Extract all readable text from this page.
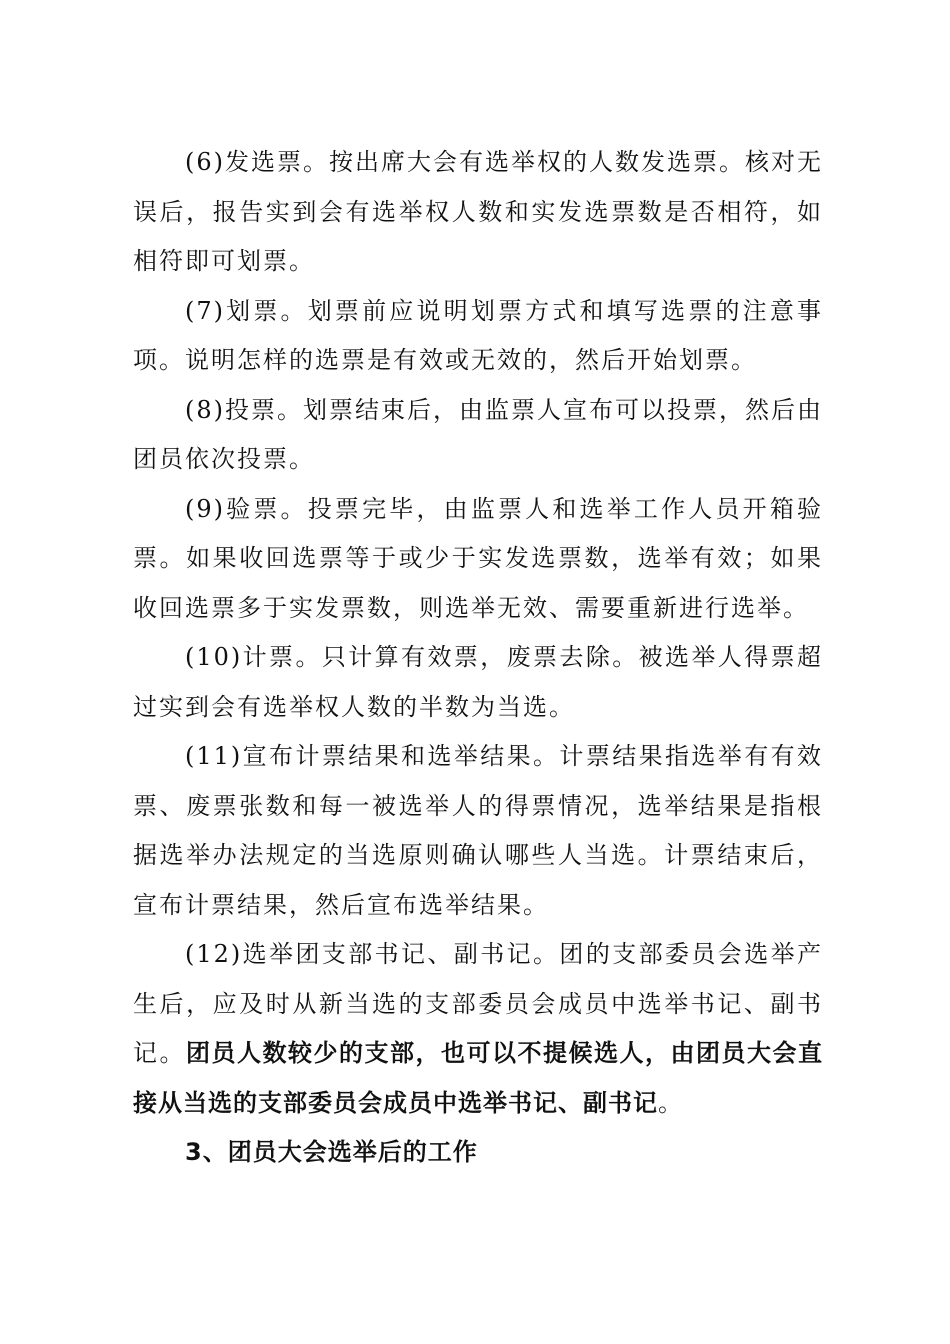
(6)发选票。按出席大会有选举权的人数发选票。核对无误后，报告实到会有选举权人数和实发选票数是否相符，如相符即可划票。

(7)划票。划票前应说明划票方式和填写选票的注意事项。说明怎样的选票是有效或无效的，然后开始划票。

(8)投票。划票结束后，由监票人宣布可以投票，然后由团员依次投票。

(9)验票。投票完毕，由监票人和选举工作人员开箱验票。如果收回选票等于或少于实发选票数，选举有效；如果收回选票多于实发票数，则选举无效、需要重新进行选举。

(10)计票。只计算有效票，废票去除。被选举人得票超过实到会有选举权人数的半数为当选。

(11)宣布计票结果和选举结果。计票结果指选举有有效票、废票张数和每一被选举人的得票情况，选举结果是指根据选举办法规定的当选原则确认哪些人当选。计票结束后，宣布计票结果，然后宣布选举结果。

(12)选举团支部书记、副书记。团的支部委员会选举产生后，应及时从新当选的支部委员会成员中选举书记、副书记。团员人数较少的支部，也可以不提候选人，由团员大会直接从当选的支部委员会成员中选举书记、副书记。

3、团员大会选举后的工作
